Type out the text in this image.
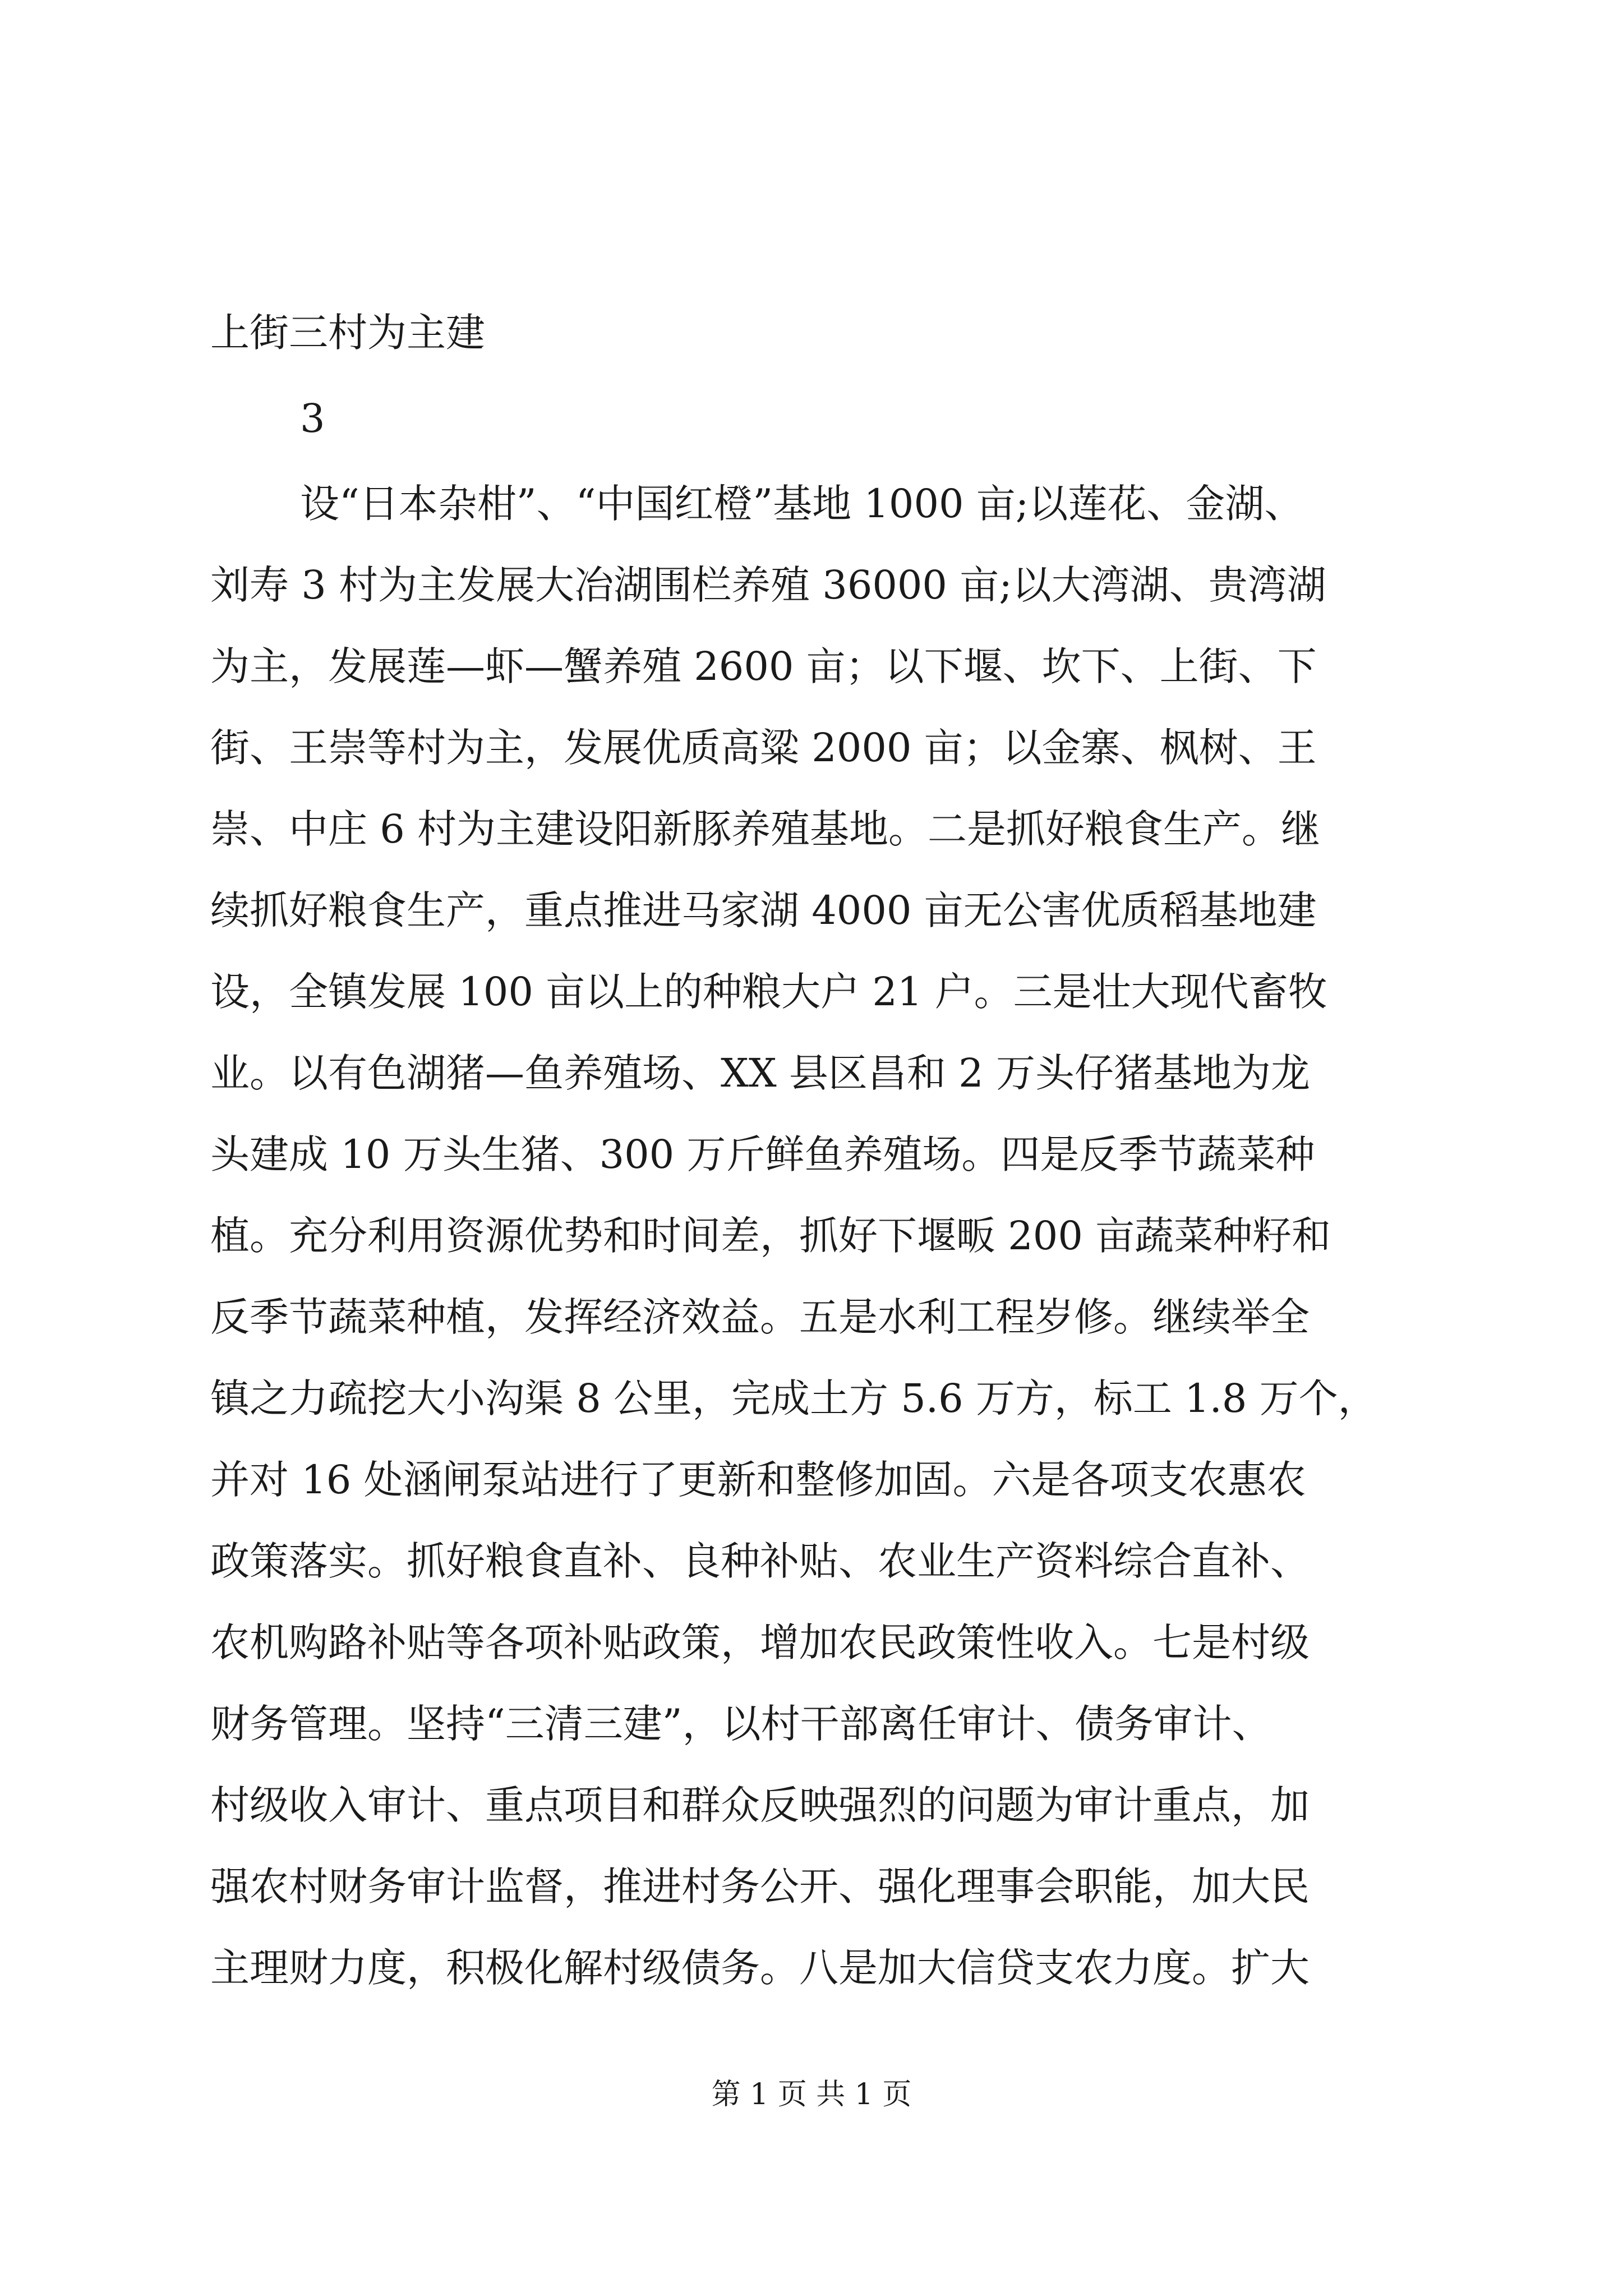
上街三村为主建

3

设“日本杂柑”、“中国红橙”基地 1000 亩;以莲花、金湖、

刘寿 3 村为主发展大冶湖围栏养殖 36000 亩;以大湾湖、贵湾湖

为主，发展莲—虾—蟹养殖 2600 亩；以下堰、坎下、上街、下

街、王崇等村为主，发展优质高粱 2000 亩；以金寨、枫树、王

崇、中庄 6 村为主建设阳新豚养殖基地。二是抓好粮食生产。继

续抓好粮食生产，重点推进马家湖 4000 亩无公害优质稻基地建

设，全镇发展 100 亩以上的种粮大户 21 户。三是壮大现代畜牧

业。以有色湖猪—鱼养殖场、XX 县区昌和 2 万头仔猪基地为龙

头建成 10 万头生猪、300 万斤鲜鱼养殖场。四是反季节蔬菜种

植。充分利用资源优势和时间差，抓好下堰畈 200 亩蔬菜种籽和

反季节蔬菜种植，发挥经济效益。五是水利工程岁修。继续举全

镇之力疏挖大小沟渠 8 公里，完成土方 5.6 万方，标工 1.8 万个，

并对 16 处涵闸泵站进行了更新和整修加固。六是各项支农惠农

政策落实。抓好粮食直补、良种补贴、农业生产资料综合直补、

农机购路补贴等各项补贴政策，增加农民政策性收入。七是村级

财务管理。坚持“三清三建”，以村干部离任审计、债务审计、

村级收入审计、重点项目和群众反映强烈的问题为审计重点，加

强农村财务审计监督，推进村务公开、强化理事会职能，加大民

主理财力度，积极化解村级债务。八是加大信贷支农力度。扩大

第 1 页 共 1 页
